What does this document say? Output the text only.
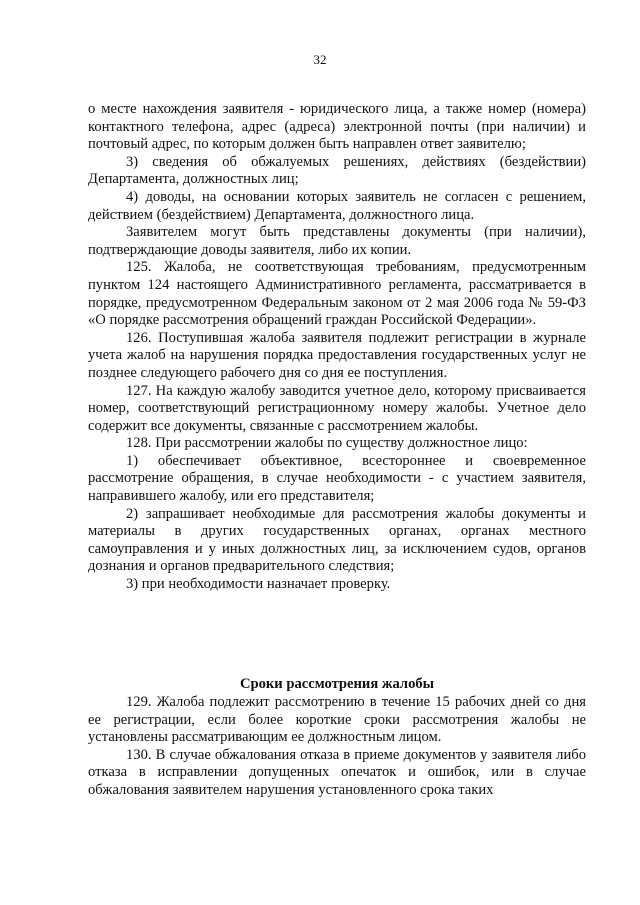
32

о месте нахождения заявителя - юридического лица, а также номер (номера) контактного телефона, адрес (адреса) электронной почты (при наличии) и почтовый адрес, по которым должен быть направлен ответ заявителю;

3) сведения об обжалуемых решениях, действиях (бездействии) Департамента, должностных лиц;

4) доводы, на основании которых заявитель не согласен с решением, действием (бездействием) Департамента, должностного лица.

Заявителем могут быть представлены документы (при наличии), подтверждающие доводы заявителя, либо их копии.

125. Жалоба, не соответствующая требованиям, предусмотренным пунктом 124 настоящего Административного регламента, рассматривается в порядке, предусмотренном Федеральным законом от 2 мая 2006 года № 59-ФЗ «О порядке рассмотрения обращений граждан Российской Федерации».

126. Поступившая жалоба заявителя подлежит регистрации в журнале учета жалоб на нарушения порядка предоставления государственных услуг не позднее следующего рабочего дня со дня ее поступления.

127. На каждую жалобу заводится учетное дело, которому присваивается номер, соответствующий регистрационному номеру жалобы. Учетное дело содержит все документы, связанные с рассмотрением жалобы.

128. При рассмотрении жалобы по существу должностное лицо:

1) обеспечивает объективное, всестороннее и своевременное рассмотрение обращения, в случае необходимости - с участием заявителя, направившего жалобу, или его представителя;

2) запрашивает необходимые для рассмотрения жалобы документы и материалы в других государственных органах, органах местного самоуправления и у иных должностных лиц, за исключением судов, органов дознания и органов предварительного следствия;

3) при необходимости назначает проверку.

Сроки рассмотрения жалобы

129. Жалоба подлежит рассмотрению в течение 15 рабочих дней со дня ее регистрации, если более короткие сроки рассмотрения жалобы не установлены рассматривающим ее должностным лицом.

130. В случае обжалования отказа в приеме документов у заявителя либо отказа в исправлении допущенных опечаток и ошибок, или в случае обжалования заявителем нарушения установленного срока таких
